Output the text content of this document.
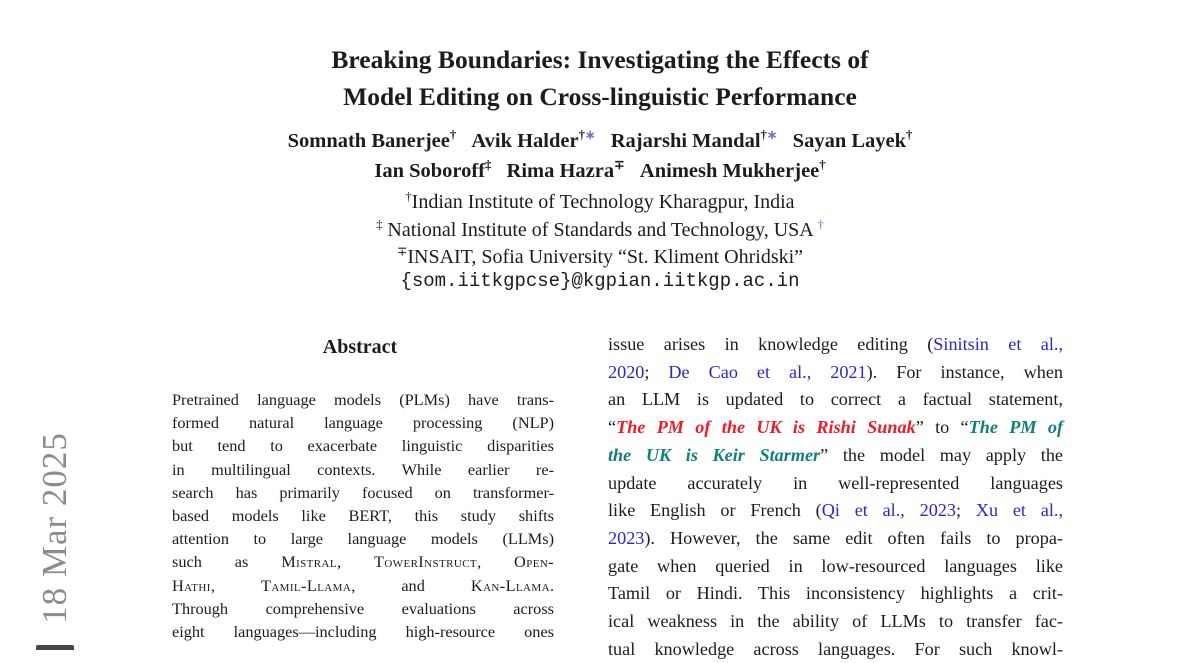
18 Mar 2025
Breaking Boundaries: Investigating the Effects of
Model Editing on Cross-linguistic Performance
Somnath Banerjee† Avik Halder†∗ Rajarshi Mandal†∗ Sayan Layek†
Ian Soboroff‡ Rima Hazra∓ Animesh Mukherjee†
†Indian Institute of Technology Kharagpur, India
‡ National Institute of Standards and Technology, USA †
∓INSAIT, Sofia University “St. Kliment Ohridski”
{som.iitkgpcse}@kgpian.iitkgp.ac.in
Abstract
Pretrained language models (PLMs) have trans-
formed natural language processing (NLP)
but tend to exacerbate linguistic disparities
in multilingual contexts. While earlier re-
search has primarily focused on transformer-
based models like BERT, this study shifts
attention to large language models (LLMs)
such as Mistral, TowerInstruct, Open-
Hathi, Tamil-Llama, and Kan-Llama.
Through comprehensive evaluations across
eight languages—including high-resource ones
issue arises in knowledge editing (Sinitsin et al.,
2020; De Cao et al., 2021). For instance, when
an LLM is updated to correct a factual statement,
“The PM of the UK is Rishi Sunak” to “The PM of
the UK is Keir Starmer” the model may apply the
update accurately in well-represented languages
like English or French (Qi et al., 2023; Xu et al.,
2023). However, the same edit often fails to propa-
gate when queried in low-resourced languages like
Tamil or Hindi. This inconsistency highlights a crit-
ical weakness in the ability of LLMs to transfer fac-
tual knowledge across languages. For such knowl-
